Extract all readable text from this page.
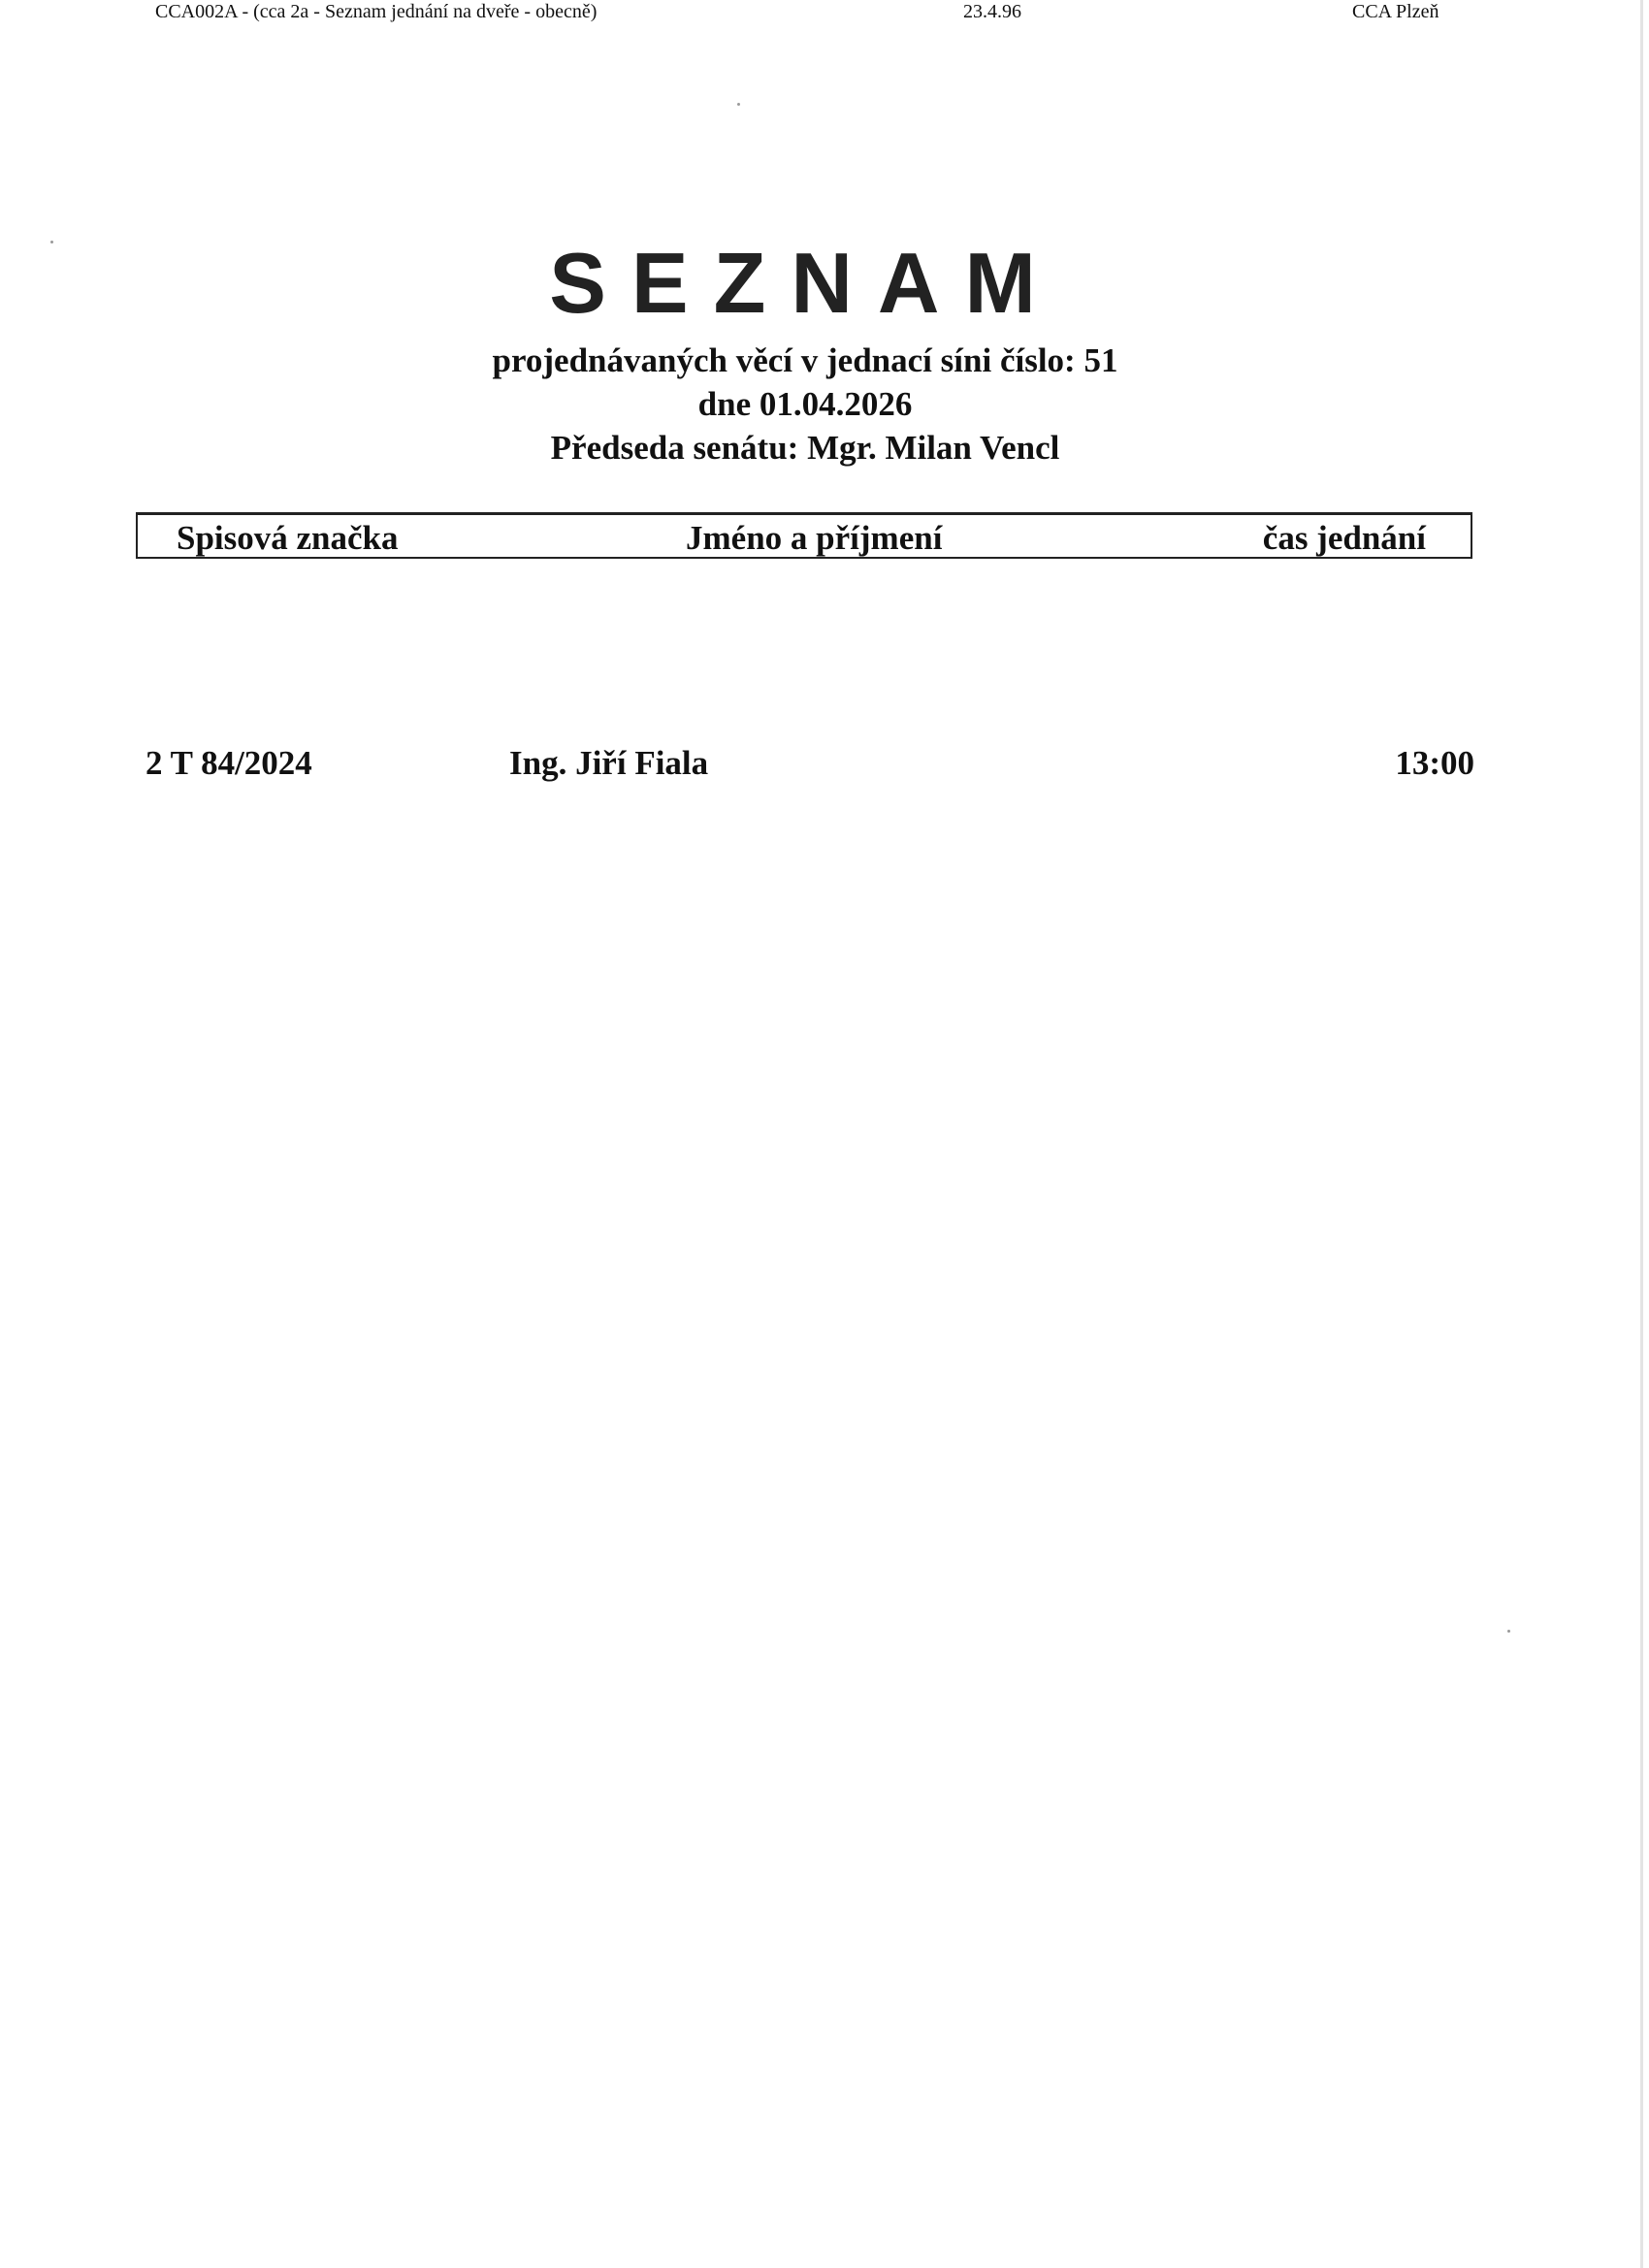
SEZNAM
projednávaných věcí v jednací síni číslo: 51
dne 01.04.2026
Předseda senátu: Mgr. Milan Vencl
Spisová značka	Jméno a příjmení	čas jednání
2 T 84/2024	Ing. Jiří Fiala	13:00
CCA002A - (cca 2a - Seznam jednání na dveře - obecně)	23.4.96	CCA Plzeň
